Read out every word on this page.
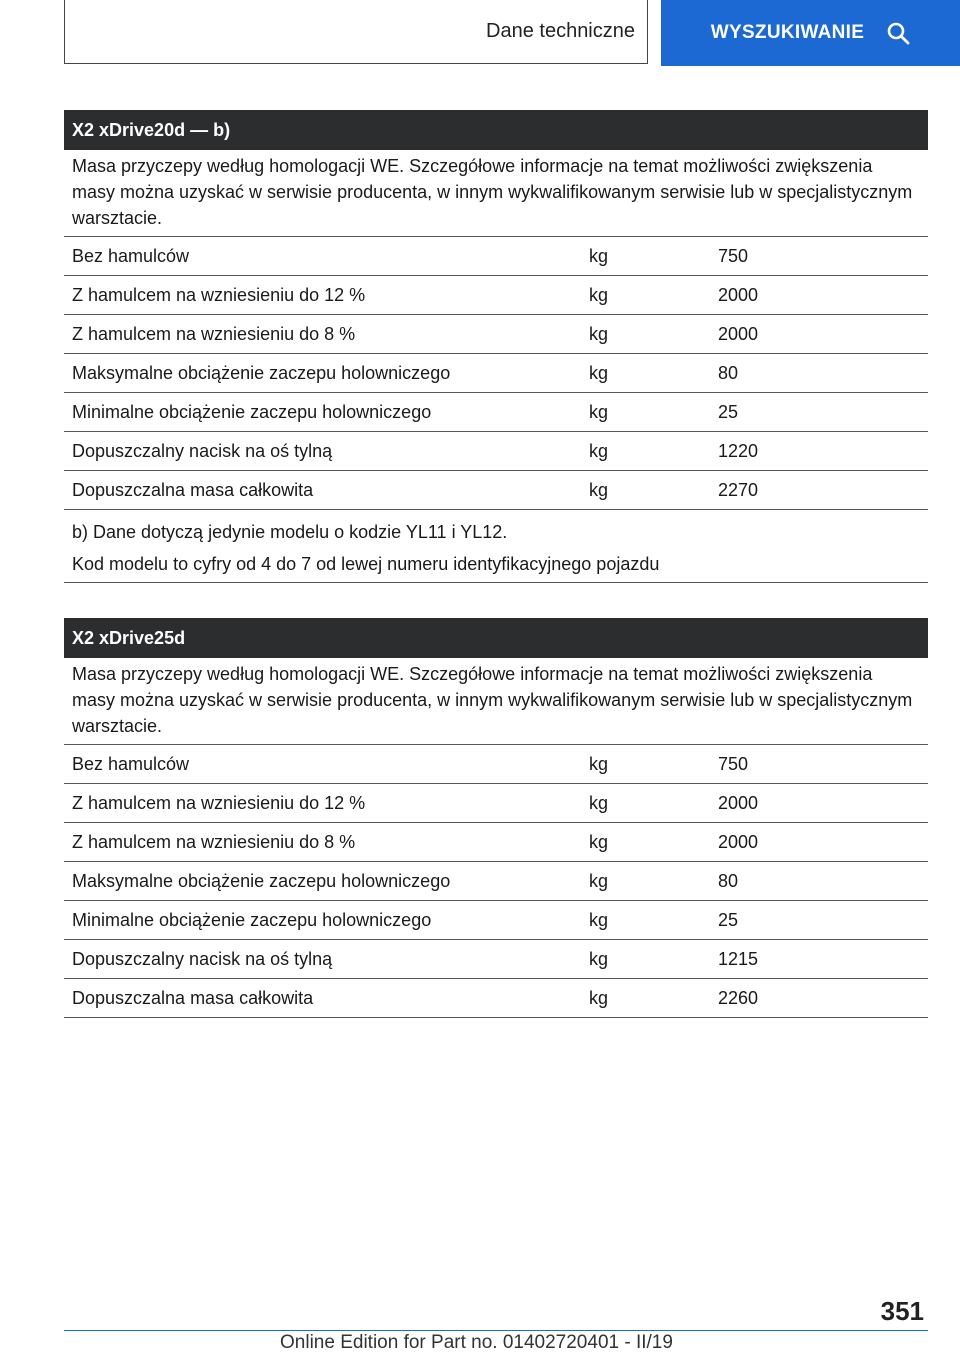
Dane techniczne	WYSZUKIWANIE
X2 xDrive20d — b)
Masa przyczepy według homologacji WE. Szczegółowe informacje na temat możliwości zwiększenia masy można uzyskać w serwisie producenta, w innym wykwalifikowanym serwisie lub w specjalistycznym warsztacie.
Bez hamulców	kg	750
Z hamulcem na wzniesieniu do 12 %	kg	2000
Z hamulcem na wzniesieniu do 8 %	kg	2000
Maksymalne obciążenie zaczepu holowniczego	kg	80
Minimalne obciążenie zaczepu holowniczego	kg	25
Dopuszczalny nacisk na oś tylną	kg	1220
Dopuszczalna masa całkowita	kg	2270
b) Dane dotyczą jedynie modelu o kodzie YL11 i YL12.
Kod modelu to cyfry od 4 do 7 od lewej numeru identyfikacyjnego pojazdu
X2 xDrive25d
Masa przyczepy według homologacji WE. Szczegółowe informacje na temat możliwości zwiększenia masy można uzyskać w serwisie producenta, w innym wykwalifikowanym serwisie lub w specjalistycznym warsztacie.
Bez hamulców	kg	750
Z hamulcem na wzniesieniu do 12 %	kg	2000
Z hamulcem na wzniesieniu do 8 %	kg	2000
Maksymalne obciążenie zaczepu holowniczego	kg	80
Minimalne obciążenie zaczepu holowniczego	kg	25
Dopuszczalny nacisk na oś tylną	kg	1215
Dopuszczalna masa całkowita	kg	2260
351
Online Edition for Part no. 01402720401 - II/19
